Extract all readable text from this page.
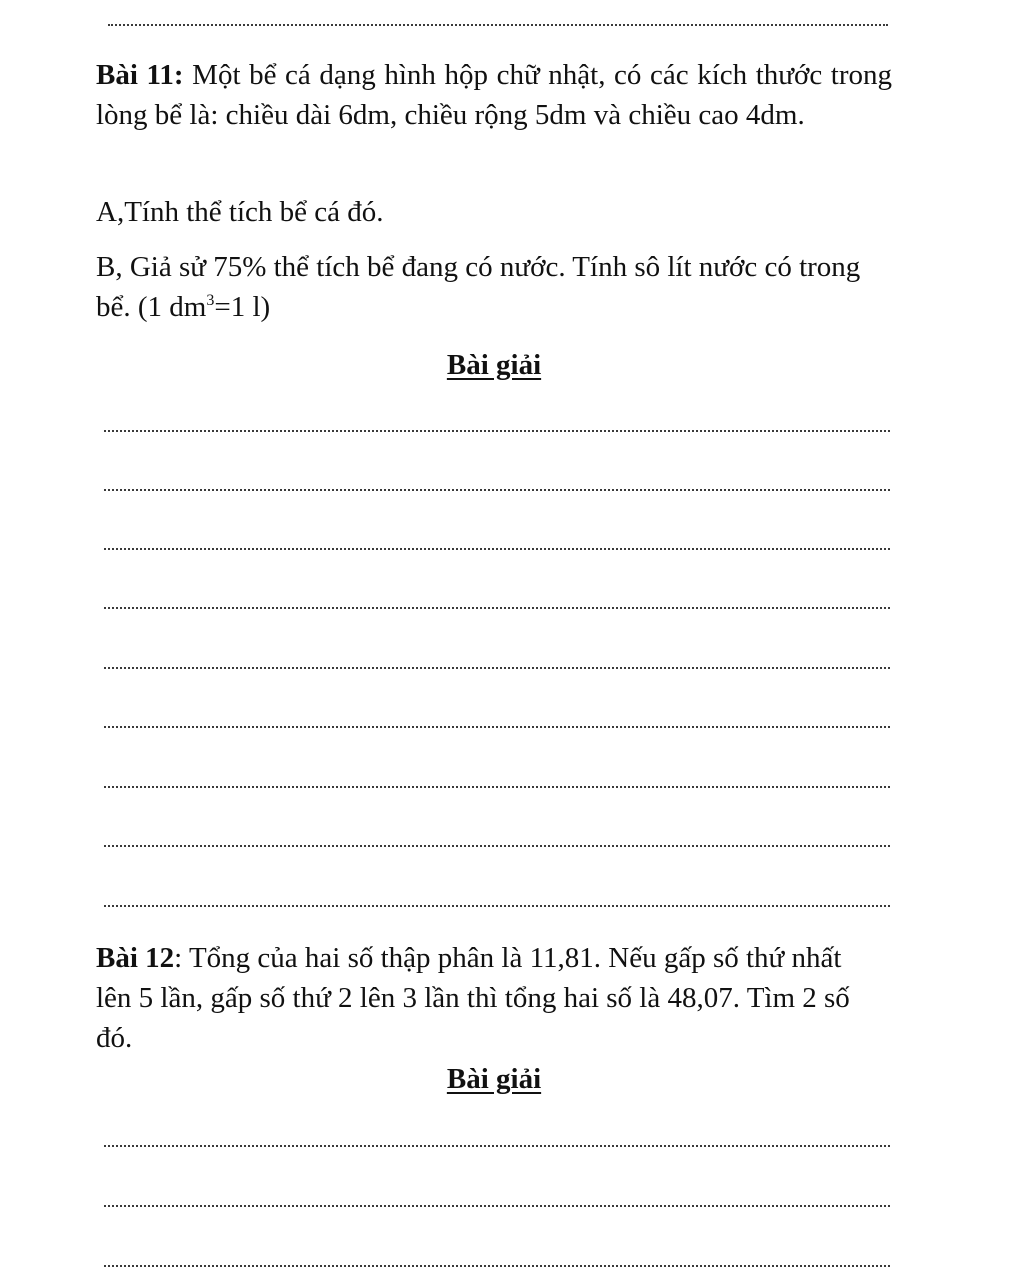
Bài 11: Một bể cá dạng hình hộp chữ nhật, có các kích thước trong lòng bể là: chiều dài 6dm, chiều rộng 5dm và chiều cao 4dm.

A,Tính thể tích bể cá đó.

B, Giả sử 75% thể tích bể đang có nước. Tính sô lít nước có trong bể. (1 $dm^3=1$ l)

Bài giải

Bài 12: Tổng của hai số thập phân là 11,81. Nếu gấp số thứ nhất lên 5 lần, gấp số thứ 2 lên 3 lần thì tổng hai số là 48,07. Tìm 2 số đó.

Bài giải
